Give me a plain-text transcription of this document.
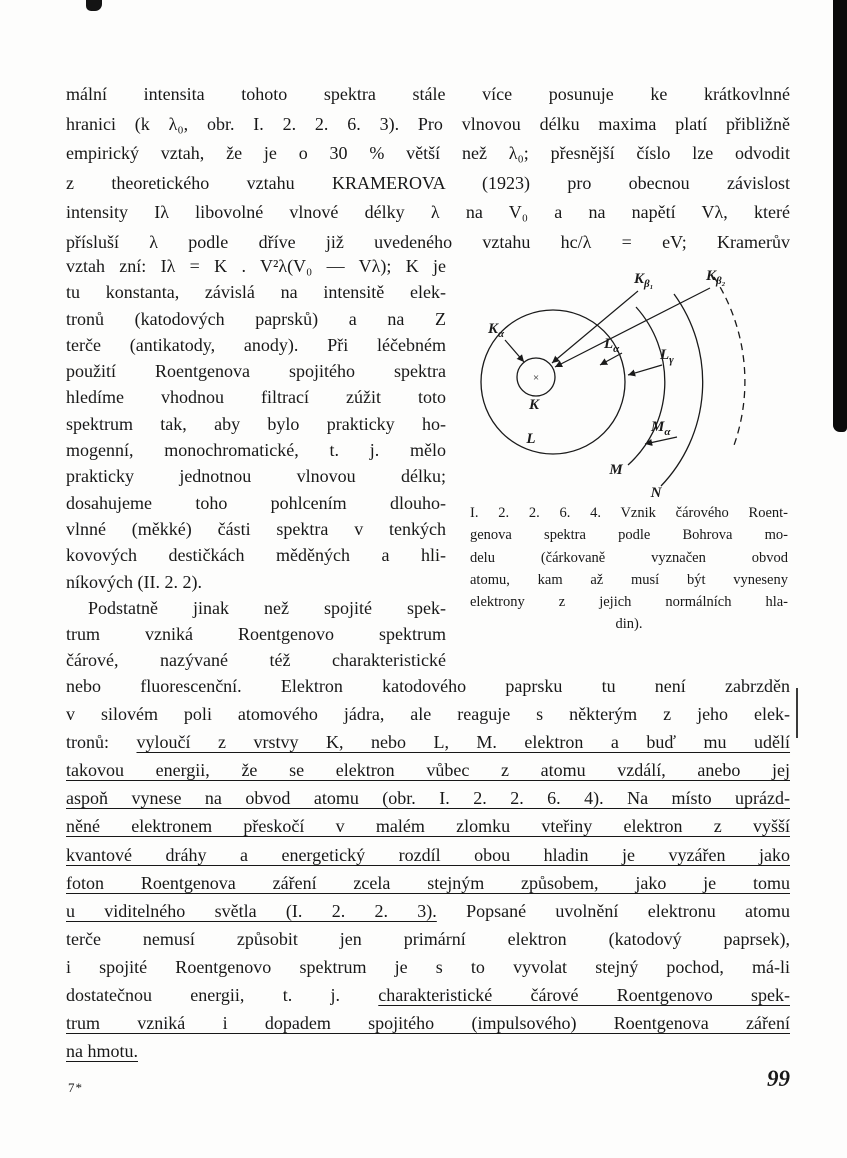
mální intensita tohoto spektra stále více posunuje ke krátkovlnné
hranici (k λ₀, obr. I. 2. 2. 6. 3). Pro vlnovou délku maxima platí přibližně
empirický vztah, že je o 30 % větší než λ₀; přesnější číslo lze odvodit
z theoretického vztahu KRAMEROVA (1923) pro obecnou závislost
intensity Iλ libovolné vlnové délky λ na V₀ a na napětí Vλ, které
přísluší λ podle dříve již uvedeného vztahu hc/λ = eV; Kramerův
vztah zní: Iλ = K . V²λ(V₀ — Vλ); K je
tu konstanta, závislá na intensitě elek-
tronů (katodových paprsků) a na Z
terče (antikatody, anody). Při léčebném
použití Roentgenova spojitého spektra
hledíme vhodnou filtrací zúžit toto
spektrum tak, aby bylo prakticky ho-
mogenní, monochromatické, t. j. mělo
prakticky jednotnou vlnovou délku;
dosahujeme toho pohlcením dlouho-
vlnné (měkké) části spektra v tenkých
kovových destičkách měděných a hli-
níkových (II. 2. 2).
Podstatně jinak než spojité spek-
trum vzniká Roentgenovo spektrum
čárové, nazývané též charakteristické
×
$K_\alpha$
$K_{\beta_1}$	$K_{\beta_2}$
$L_\alpha$	$L_\gamma$
$M_\alpha$
K
L
M
N
I. 2. 2. 6. 4. Vznik čárového Roent-
genova spektra podle Bohrova mo-
delu (čárkovaně vyznačen obvod
atomu, kam až musí být vyneseny
elektrony z jejich normálních hla-
din).
nebo fluorescenční. Elektron katodového paprsku tu není zabrzděn
v silovém poli atomového jádra, ale reaguje s některým z jeho elek-
tronů: vyloučí z vrstvy K, nebo L, M. elektron a buď mu udělí
takovou energii, že se elektron vůbec z atomu vzdálí, anebo jej
aspoň vynese na obvod atomu (obr. I. 2. 2. 6. 4). Na místo uprázd-
něné elektronem přeskočí v malém zlomku vteřiny elektron z vyšší
kvantové dráhy a energetický rozdíl obou hladin je vyzářen jako
foton Roentgenova záření zcela stejným způsobem, jako je tomu
u viditelného světla (I. 2. 2. 3). Popsané uvolnění elektronu atomu
terče nemusí způsobit jen primární elektron (katodový paprsek),
i spojité Roentgenovo spektrum je s to vyvolat stejný pochod, má-li
dostatečnou energii, t. j. charakteristické čárové Roentgenovo spek-
trum vzniká i dopadem spojitého (impulsového) Roentgenova záření
na hmotu.
7*	99
